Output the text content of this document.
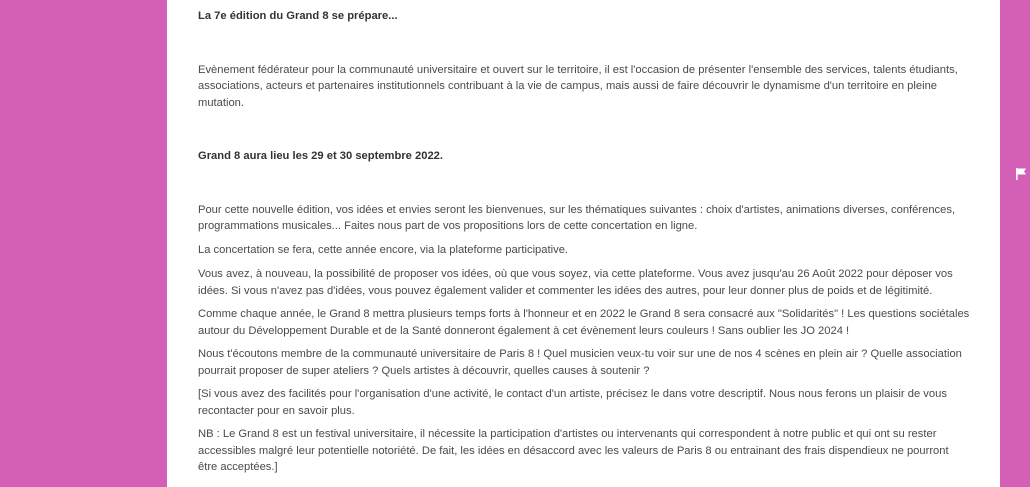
La 7e édition du Grand 8 se prépare...

Evènement fédérateur pour la communauté universitaire et ouvert sur le territoire, il est l'occasion de présenter l'ensemble des services, talents étudiants, associations, acteurs et partenaires institutionnels contribuant à la vie de campus, mais aussi de faire découvrir le dynamisme d'un territoire en pleine mutation.

Grand 8 aura lieu les 29 et 30 septembre 2022.

Pour cette nouvelle édition, vos idées et envies seront les bienvenues, sur les thématiques suivantes : choix d'artistes, animations diverses, conférences, programmations musicales... Faites nous part de vos propositions lors de cette concertation en ligne.

La concertation se fera, cette année encore, via la plateforme participative.

Vous avez, à nouveau, la possibilité de proposer vos idées, où que vous soyez, via cette plateforme. Vous avez jusqu'au 26 Août 2022 pour déposer vos idées. Si vous n'avez pas d'idées, vous pouvez également valider et commenter les idées des autres, pour leur donner plus de poids et de légitimité.

Comme chaque année, le Grand 8 mettra plusieurs temps forts à l'honneur et en 2022 le Grand 8 sera consacré aux "Solidarités" ! Les questions sociétales autour du Développement Durable et de la Santé donneront également à cet évènement leurs couleurs ! Sans oublier les JO 2024 !

Nous t'écoutons membre de la communauté universitaire de Paris 8 ! Quel musicien veux-tu voir sur une de nos 4 scènes en plein air ? Quelle association pourrait proposer de super ateliers ? Quels artistes à découvrir, quelles causes à soutenir ?

[Si vous avez des facilités pour l'organisation d'une activité, le contact d'un artiste, précisez le dans votre descriptif. Nous nous ferons un plaisir de vous recontacter pour en savoir plus.

NB : Le Grand 8 est un festival universitaire, il nécessite la participation d'artistes ou intervenants qui correspondent à notre public et qui ont su rester accessibles malgré leur potentielle notoriété. De fait, les idées en désaccord avec les valeurs de Paris 8 ou entrainant des frais dispendieux ne pourront être acceptées.]
